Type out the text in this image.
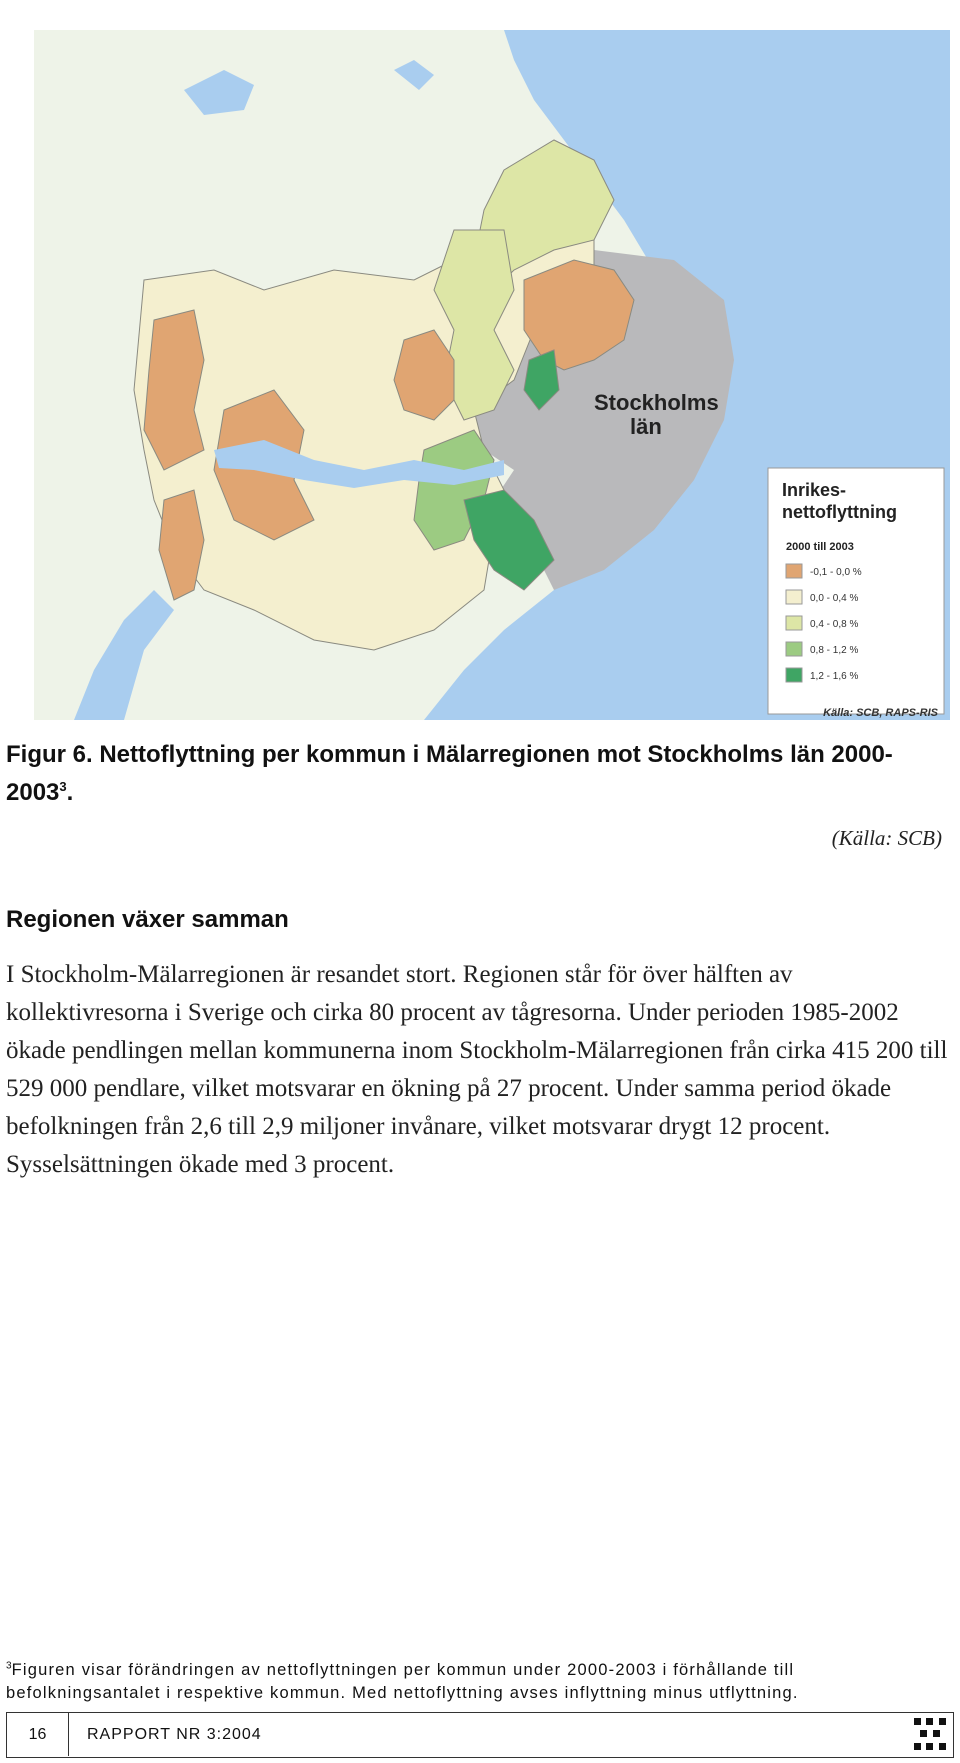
Stockholms
län
Inrikes-
nettoflyttning
2000 till 2003
-0,1 - 0,0 %
0,0 - 0,4 %
0,4 - 0,8 %
0,8 - 1,2 %
1,2 - 1,6 %
Källa: SCB, RAPS-RIS
Figur 6. Nettoflyttning per kommun i Mälarregionen mot Stockholms län 2000-2003$^3$.
(Källa: SCB)
Regionen växer samman

I Stockholm-Mälarregionen är resandet stort. Regionen står för över hälften av kollektivresorna i Sverige och cirka 80 procent av tågresorna. Under perioden 1985-2002 ökade pendlingen mellan kommunerna inom Stockholm-Mälarregionen från cirka 415 200 till 529 000 pendlare, vilket motsvarar en ökning på 27 procent. Under samma period ökade befolkningen från 2,6 till 2,9 miljoner invånare, vilket motsvarar drygt 12 procent. Sysselsättningen ökade med 3 procent.

$^3$Figuren visar förändringen av nettoflyttningen per kommun under 2000-2003 i förhållande till befolkningsantalet i respektive kommun. Med nettoflyttning avses inflyttning minus utflyttning.

16	RAPPORT NR 3:2004
